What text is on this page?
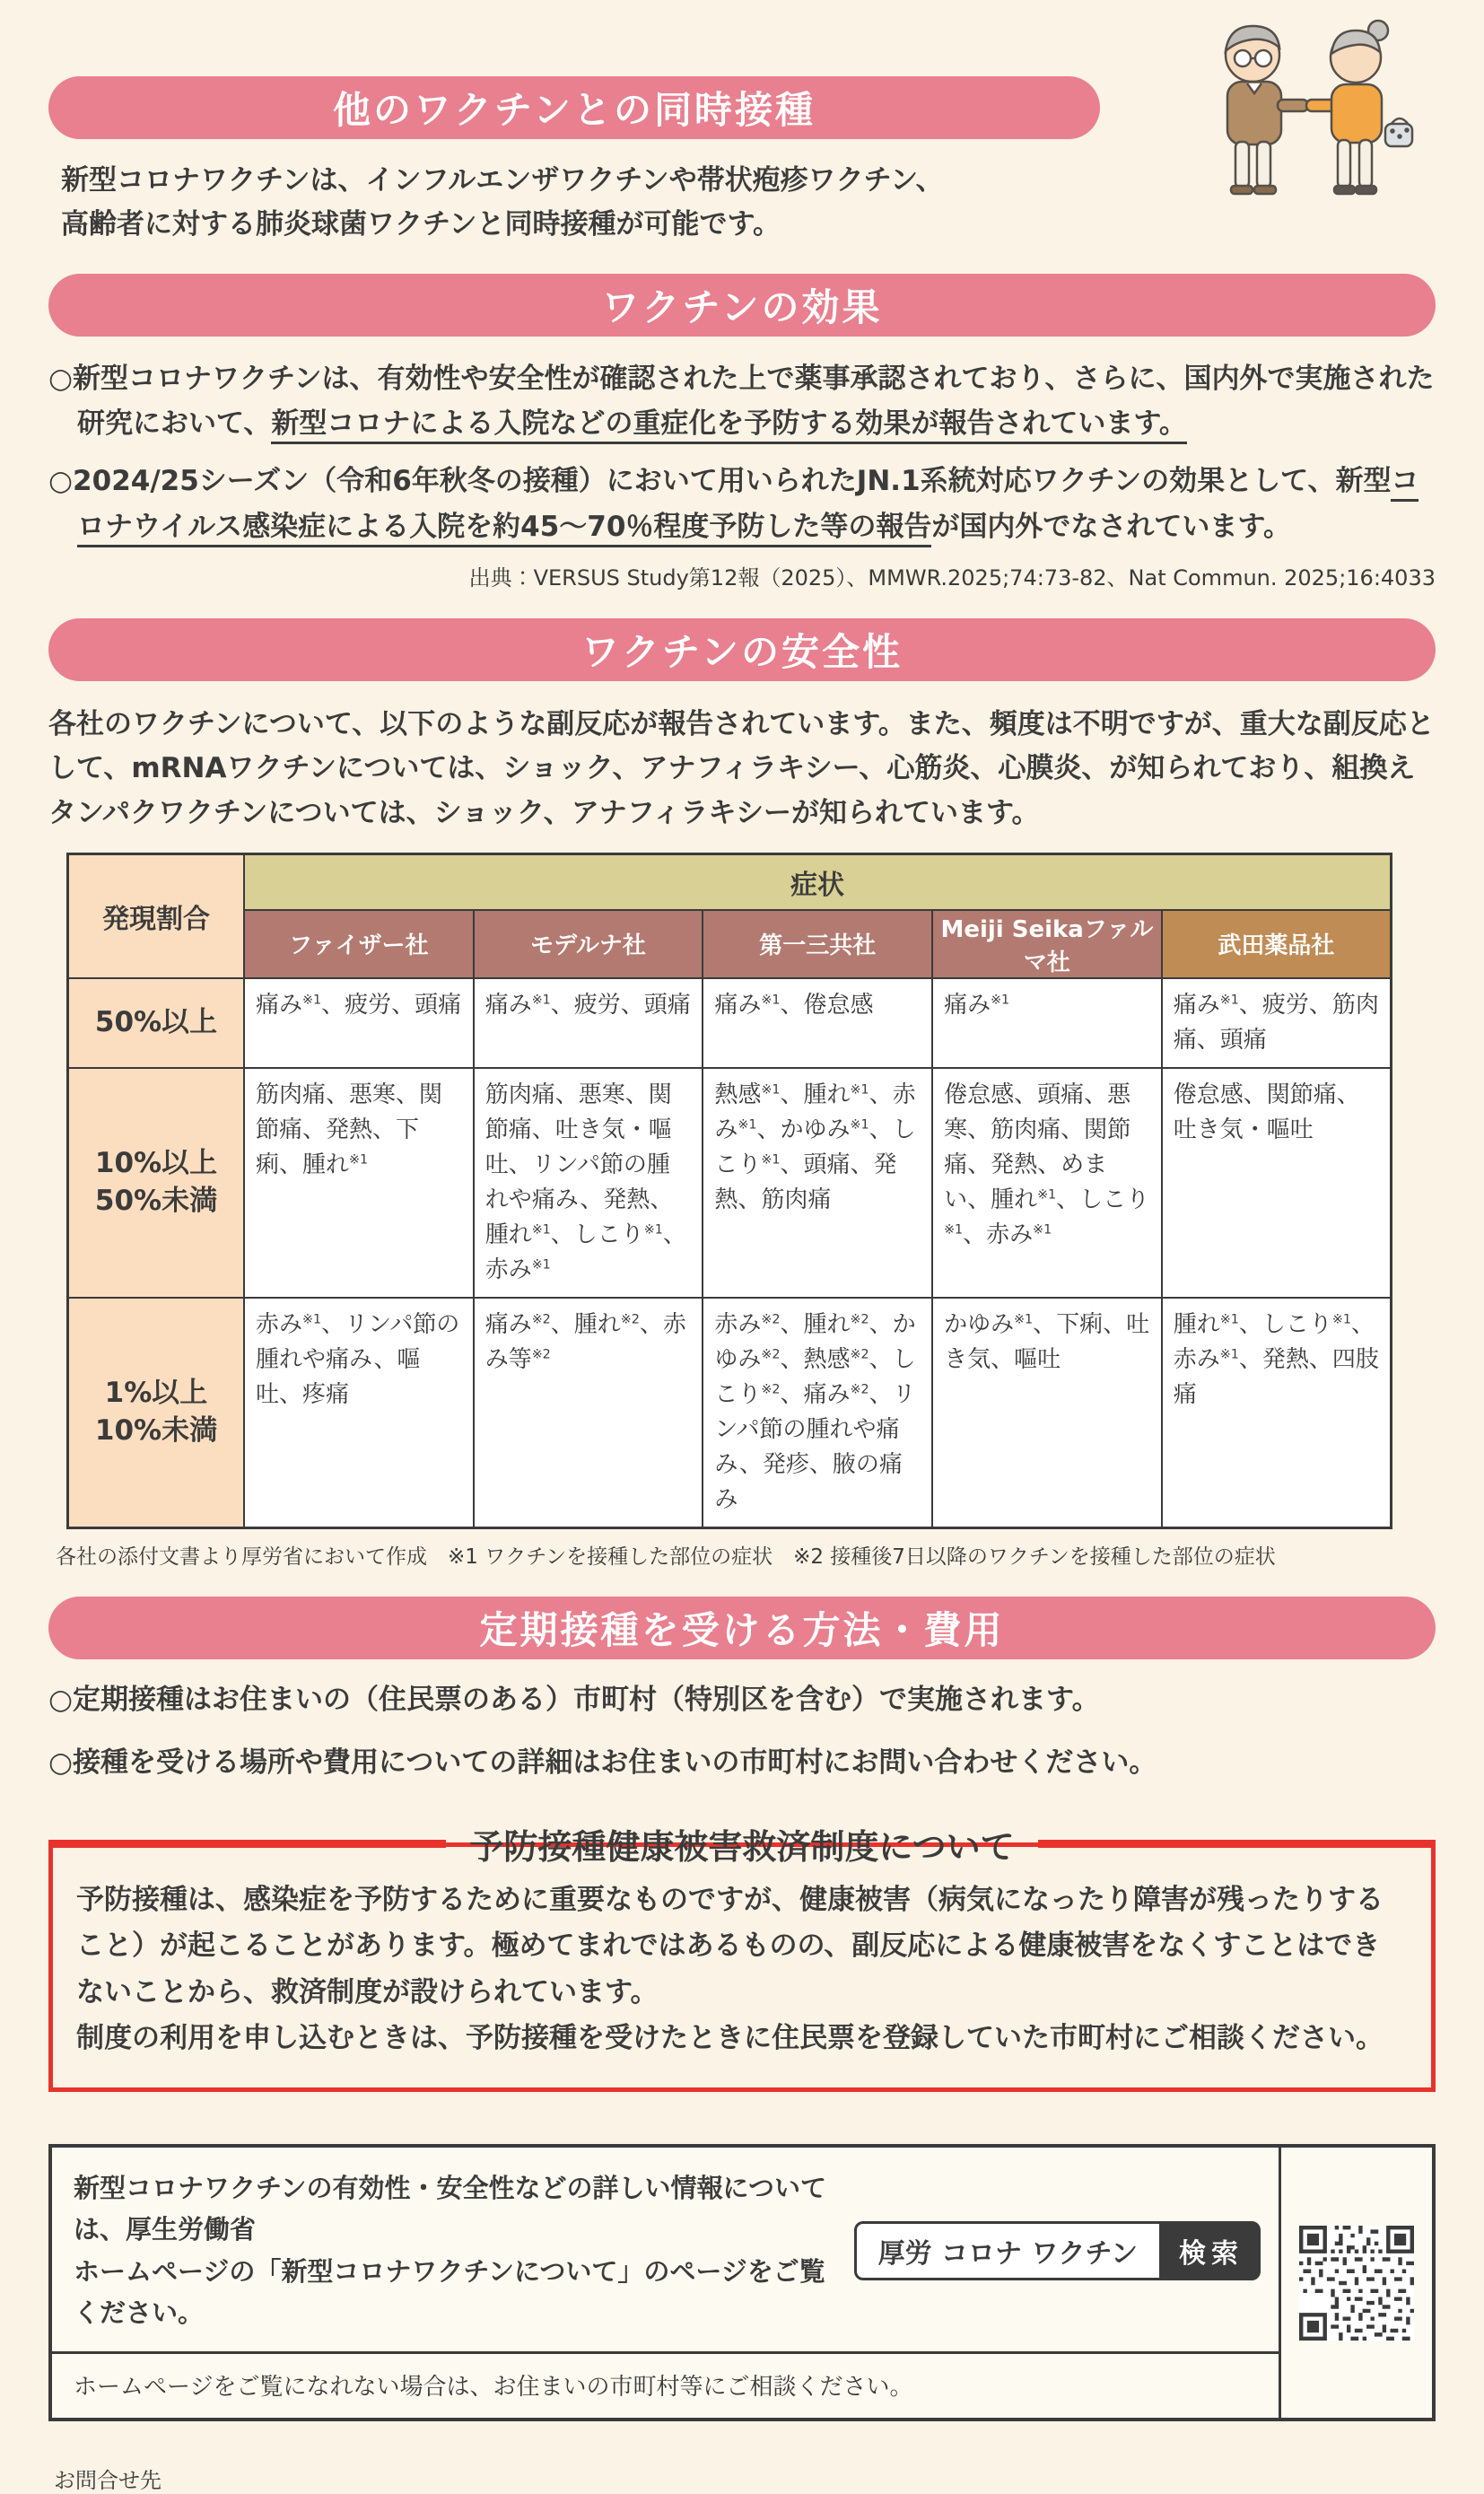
他のワクチンとの同時接種

新型コロナワクチンは、インフルエンザワクチンや帯状疱疹ワクチン、
高齢者に対する肺炎球菌ワクチンと同時接種が可能です。

ワクチンの効果

○新型コロナワクチンは、有効性や安全性が確認された上で薬事承認されており、さらに、国内外で実施された研究において、新型コロナによる入院などの重症化を予防する効果が報告されています。

○2024/25シーズン（令和6年秋冬の接種）において用いられたJN.1系統対応ワクチンの効果として、新型コロナウイルス感染症による入院を約45～70％程度予防した等の報告が国内外でなされています。

出典：VERSUS Study第12報（2025）、MMWR.2025;74:73-82、Nat Commun. 2025;16:4033

ワクチンの安全性

各社のワクチンについて、以下のような副反応が報告されています。また、頻度は不明ですが、重大な副反応として、mRNAワクチンについては、ショック、アナフィラキシー、心筋炎、心膜炎、が知られており、組換えタンパクワクチンについては、ショック、アナフィラキシーが知られています。

発現割合	症状				
	ファイザー社	モデルナ社	第一三共社	Meiji Seikaファルマ社	武田薬品社
50%以上	痛み$^{※1}$、疲労、頭痛	痛み$^{※1}$、疲労、頭痛	痛み$^{※1}$、倦怠感	痛み$^{※1}$	痛み$^{※1}$、疲労、筋肉痛、頭痛
10%以上
50%未満	筋肉痛、悪寒、関節痛、発熱、下痢、腫れ$^{※1}$	筋肉痛、悪寒、関節痛、吐き気・嘔吐、リンパ節の腫れや痛み、発熱、腫れ$^{※1}$、しこり$^{※1}$、赤み$^{※1}$	熱感$^{※1}$、腫れ$^{※1}$、赤み$^{※1}$、かゆみ$^{※1}$、しこり$^{※1}$、頭痛、発熱、筋肉痛	倦怠感、頭痛、悪寒、筋肉痛、関節痛、発熱、めまい、腫れ$^{※1}$、しこり$^{※1}$、赤み$^{※1}$	倦怠感、関節痛、吐き気・嘔吐
1%以上
10%未満	赤み$^{※1}$、リンパ節の腫れや痛み、嘔吐、疼痛	痛み$^{※2}$、腫れ$^{※2}$、赤み等$^{※2}$	赤み$^{※2}$、腫れ$^{※2}$、かゆみ$^{※2}$、熱感$^{※2}$、しこり$^{※2}$、痛み$^{※2}$、リンパ節の腫れや痛み、発疹、腋の痛み	かゆみ$^{※1}$、下痢、吐き気、嘔吐	腫れ$^{※1}$、しこり$^{※1}$、赤み$^{※1}$、発熱、四肢痛

各社の添付文書より厚労省において作成　※1 ワクチンを接種した部位の症状　※2 接種後7日以降のワクチンを接種した部位の症状

定期接種を受ける方法・費用

○定期接種はお住まいの（住民票のある）市町村（特別区を含む）で実施されます。

○接種を受ける場所や費用についての詳細はお住まいの市町村にお問い合わせください。

予防接種健康被害救済制度について

予防接種は、感染症を予防するために重要なものですが、健康被害（病気になったり障害が残ったりすること）が起こることがあります。極めてまれではあるものの、副反応による健康被害をなくすことはできないことから、救済制度が設けられています。

制度の利用を申し込むときは、予防接種を受けたときに住民票を登録していた市町村にご相談ください。

新型コロナワクチンの有効性・安全性などの詳しい情報については、厚生労働省
ホームページの「新型コロナワクチンについて」のページをご覧ください。

厚労 コロナ ワクチン	検索

ホームページをご覧になれない場合は、お住まいの市町村等にご相談ください。

お問合せ先
